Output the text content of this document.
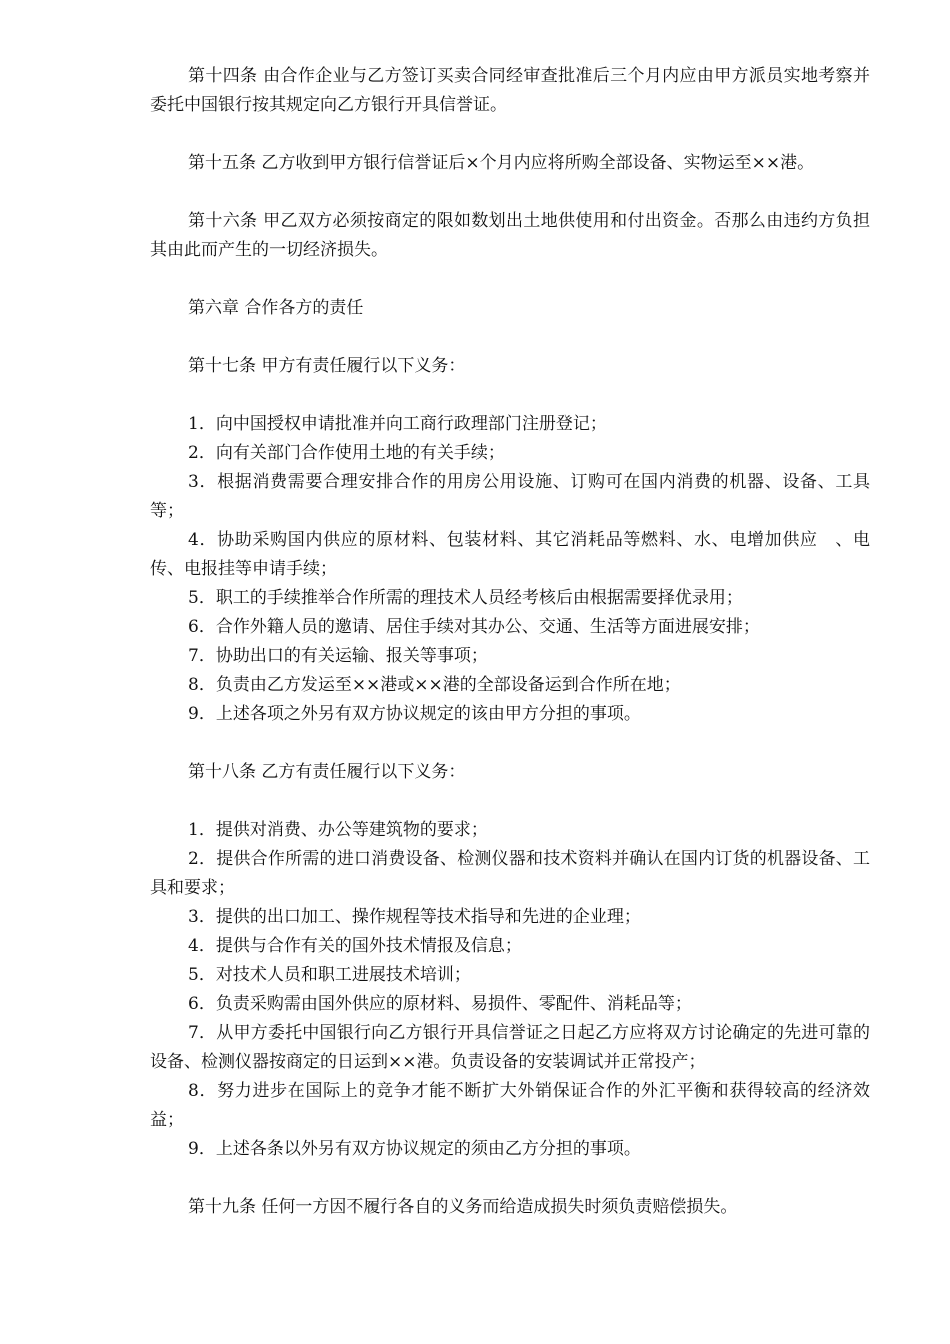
第十四条 由合作企业与乙方签订买卖合同经审查批准后三个月内应由甲方派员实地考察并委托中国银行按其规定向乙方银行开具信誉证。

第十五条 乙方收到甲方银行信誉证后×个月内应将所购全部设备、实物运至××港。

第十六条 甲乙双方必须按商定的限如数划出土地供使用和付出资金。否那么由违约方负担其由此而产生的一切经济损失。

第六章 合作各方的责任

第十七条 甲方有责任履行以下义务：

1．向中国授权申请批准并向工商行政理部门注册登记；
2．向有关部门合作使用土地的有关手续；
3．根据消费需要合理安排合作的用房公用设施、订购可在国内消费的机器、设备、工具等；
4．协助采购国内供应的原材料、包装材料、其它消耗品等燃料、水、电增加供应　、电传、电报挂等申请手续；
5．职工的手续推举合作所需的理技术人员经考核后由根据需要择优录用；
6．合作外籍人员的邀请、居住手续对其办公、交通、生活等方面进展安排；
7．协助出口的有关运输、报关等事项；
8．负责由乙方发运至××港或××港的全部设备运到合作所在地；
9．上述各项之外另有双方协议规定的该由甲方分担的事项。

第十八条 乙方有责任履行以下义务：

1．提供对消费、办公等建筑物的要求；
2．提供合作所需的进口消费设备、检测仪器和技术资料并确认在国内订货的机器设备、工具和要求；
3．提供的出口加工、操作规程等技术指导和先进的企业理；
4．提供与合作有关的国外技术情报及信息；
5．对技术人员和职工进展技术培训；
6．负责采购需由国外供应的原材料、易损件、零配件、消耗品等；
7．从甲方委托中国银行向乙方银行开具信誉证之日起乙方应将双方讨论确定的先进可靠的设备、检测仪器按商定的日运到××港。负责设备的安装调试并正常投产；
8．努力进步在国际上的竞争才能不断扩大外销保证合作的外汇平衡和获得较高的经济效益；
9．上述各条以外另有双方协议规定的须由乙方分担的事项。

第十九条 任何一方因不履行各自的义务而给造成损失时须负责赔偿损失。
